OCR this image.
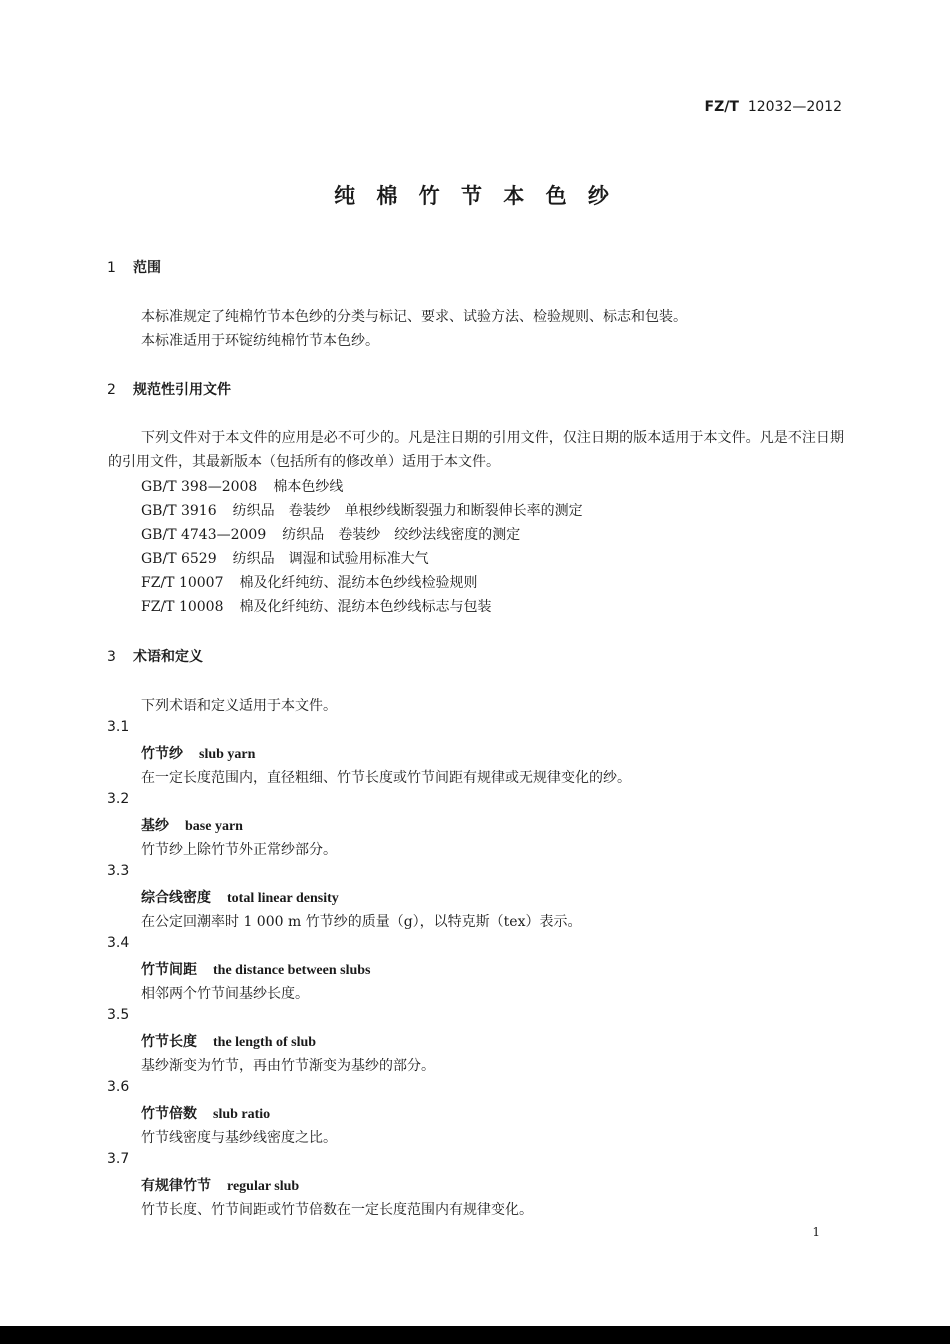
FZ/T 12032—2012
纯 棉 竹 节 本 色 纱
1 范围
本标准规定了纯棉竹节本色纱的分类与标记、要求、试验方法、检验规则、标志和包装。
本标准适用于环锭纺纯棉竹节本色纱。
2 规范性引用文件
下列文件对于本文件的应用是必不可少的。凡是注日期的引用文件，仅注日期的版本适用于本文件。凡是不注日期的引用文件，其最新版本（包括所有的修改单）适用于本文件。
GB/T 398—2008 棉本色纱线
GB/T 3916 纺织品　卷装纱　单根纱线断裂强力和断裂伸长率的测定
GB/T 4743—2009 纺织品　卷装纱　绞纱法线密度的测定
GB/T 6529 纺织品　调湿和试验用标准大气
FZ/T 10007 棉及化纤纯纺、混纺本色纱线检验规则
FZ/T 10008 棉及化纤纯纺、混纺本色纱线标志与包装
3 术语和定义
下列术语和定义适用于本文件。
3.1
竹节纱 slub yarn
在一定长度范围内，直径粗细、竹节长度或竹节间距有规律或无规律变化的纱。
3.2
基纱 base yarn
竹节纱上除竹节外正常纱部分。
3.3
综合线密度 total linear density
在公定回潮率时 1 000 m 竹节纱的质量（g），以特克斯（tex）表示。
3.4
竹节间距 the distance between slubs
相邻两个竹节间基纱长度。
3.5
竹节长度 the length of slub
基纱渐变为竹节，再由竹节渐变为基纱的部分。
3.6
竹节倍数 slub ratio
竹节线密度与基纱线密度之比。
3.7
有规律竹节 regular slub
竹节长度、竹节间距或竹节倍数在一定长度范围内有规律变化。
1
